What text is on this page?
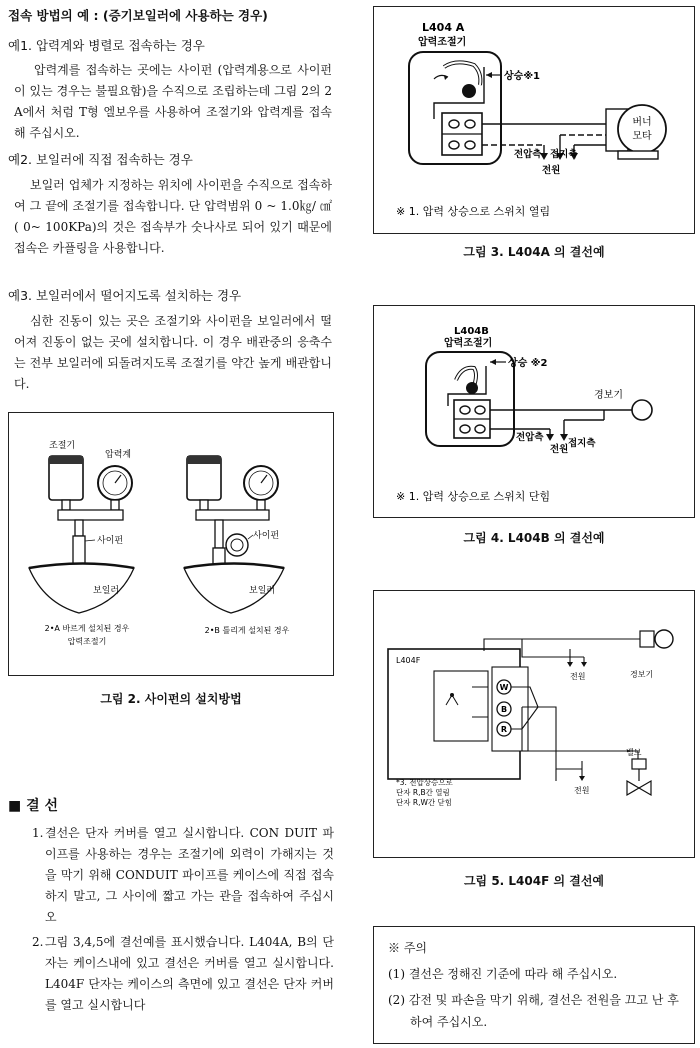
접속 방법의 예 : (증기보일러에 사용하는 경우)
예1. 압력계와 병렬로 접속하는 경우
압력계를 접속하는 곳에는 사이펀 (압력계용으로 사이펀이 있는 경우는 불필요함)을 수직으로 조립하는데 그림 2의 2 A에서 처럼 T형 엘보우를 사용하여 조절기와 압력계를 접속해 주십시오.
예2. 보일러에 직접 접속하는 경우
보일러 업체가 지정하는 위치에 사이펀을 수직으로 접속하여 그 끝에 조절기를 접속합니다. 단 압력범위 0 ~ 1.0㎏/ ㎠ ( 0~ 100KPa)의 것은 접속부가 숫나사로 되어 있기 때문에 접속은 카플링을 사용합니다.
예3. 보일러에서 떨어지도록 설치하는 경우
심한 진동이 있는 곳은 조절기와 사이펀을 보일러에서 떨어져 진동이 없는 곳에 설치합니다. 이 경우 배관중의 응축수는 전부 보일러에 되돌려지도록 조절기를 약간 높게 배관합니다.
조절기
압력계
사이펀	사이펀
보일러	보일러
2•A 바르게 설치된 경우
압력조절기
2•B 틀리게 설치된 경우
그림 2. 사이펀의 설치방법
■ 결 선
1. 결선은 단자 커버를 열고 실시합니다. CON DUIT 파이프를 사용하는 경우는 조절기에 외력이 가해지는 것을 막기 위해 CONDUIT 파이프를 케이스에 직접 접속하지 말고, 그 사이에 짧고 가는 관을 접속하여 주십시오
2. 그림 3,4,5에 결선예를 표시했습니다. L404A, B의 단자는 케이스내에 있고 결선은 커버를 열고 실시합니다. L404F 단자는 케이스의 측면에 있고 결선은 단자 커버를 열고 실시합니다
L404 A
압력조절기
상승※1
버너
모타
전압측 접지측
전원
※ 1. 압력 상승으로 스위치 열림
그림 3. L404A 의 결선예
L404B
압력조절기
상승 ※2
경보기
전압측
접지측
전원
※ 1. 압력 상승으로 스위치 단힘
그림 4. L404B 의 결선예
L404F
W
B
R
전원	경보기
밸브
전원
*3. 전압상승으로
단자 R,B간 열림
단자 R,W간 닫힘
그림 5. L404F 의 결선예
※ 주의
(1) 결선은 정해진 기준에 따라 해 주십시오.
(2) 감전 및 파손을 막기 위해, 결선은 전원을 끄고 난 후 하여 주십시오.
